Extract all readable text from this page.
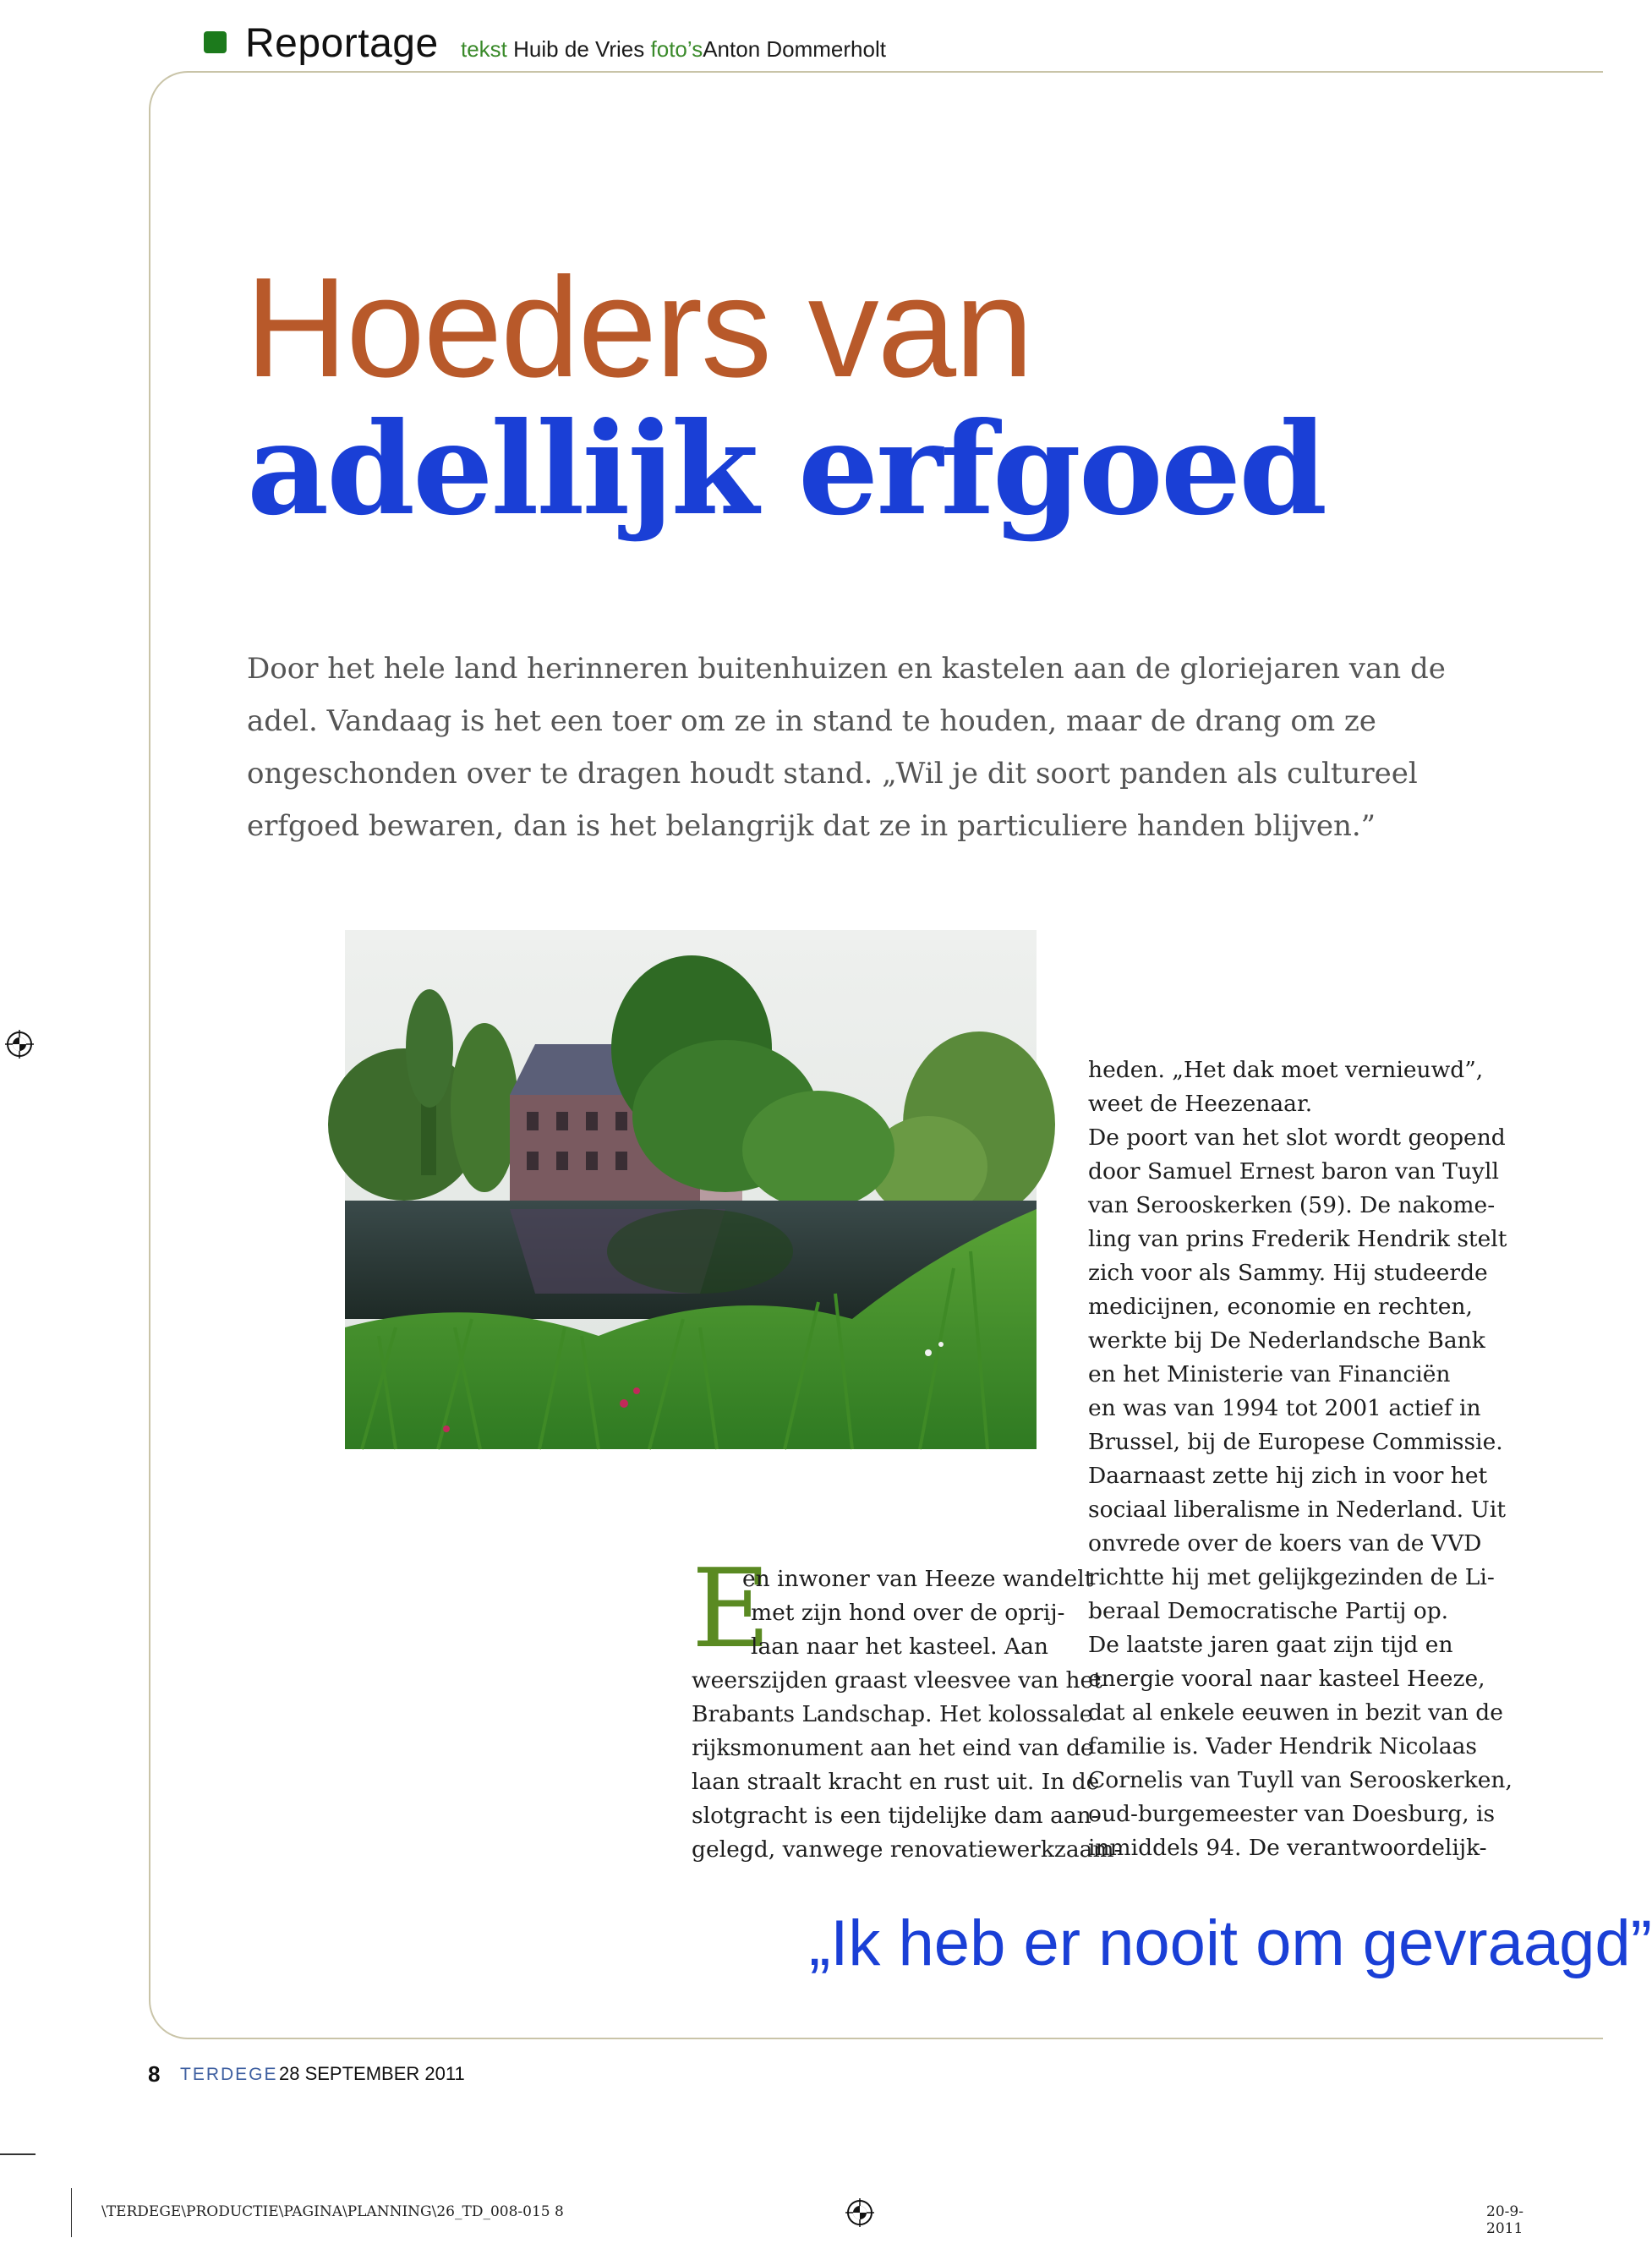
Reportage tekst Huib de Vries foto’sAnton Dommerholt
Hoeders van
adellijk erfgoed
Door het hele land herinneren buitenhuizen en kastelen aan de gloriejaren van de adel. Vandaag is het een toer om ze in stand te houden, maar de drang om ze ongeschonden over te dragen houdt stand. „Wil je dit soort panden als cultureel erfgoed bewaren, dan is het belangrijk dat ze in particuliere handen blijven.”
E
en inwoner van Heeze wandelt
met zijn hond over de oprij-
laan naar het kasteel. Aan
weerszijden graast vleesvee van het
Brabants Landschap. Het kolossale
rijksmonument aan het eind van de
laan straalt kracht en rust uit. In de
slotgracht is een tijdelijke dam aan-
gelegd, vanwege renovatiewerkzaam-
heden. „Het dak moet vernieuwd”,
weet de Heezenaar.
De poort van het slot wordt geopend
door Samuel Ernest baron van Tuyll
van Serooskerken (59). De nakome-
ling van prins Frederik Hendrik stelt
zich voor als Sammy. Hij studeerde
medicijnen, economie en rechten,
werkte bij De Nederlandsche Bank
en het Ministerie van Financiën
en was van 1994 tot 2001 actief in
Brussel, bij de Europese Commissie.
Daarnaast zette hij zich in voor het
sociaal liberalisme in Nederland. Uit
onvrede over de koers van de VVD
richtte hij met gelijkgezinden de Li-
beraal Democratische Partij op.
De laatste jaren gaat zijn tijd en
energie vooral naar kasteel Heeze,
dat al enkele eeuwen in bezit van de
familie is. Vader Hendrik Nicolaas
Cornelis van Tuyll van Serooskerken,
oud-burgemeester van Doesburg, is
inmiddels 94. De verantwoordelijk-
„Ik heb er nooit om gevraagd”
8 TERDEGE 28 SEPTEMBER 2011
\TERDEGE\PRODUCTIE\PAGINA\PLANNING\26_TD_008-015 8	20-9-2011
